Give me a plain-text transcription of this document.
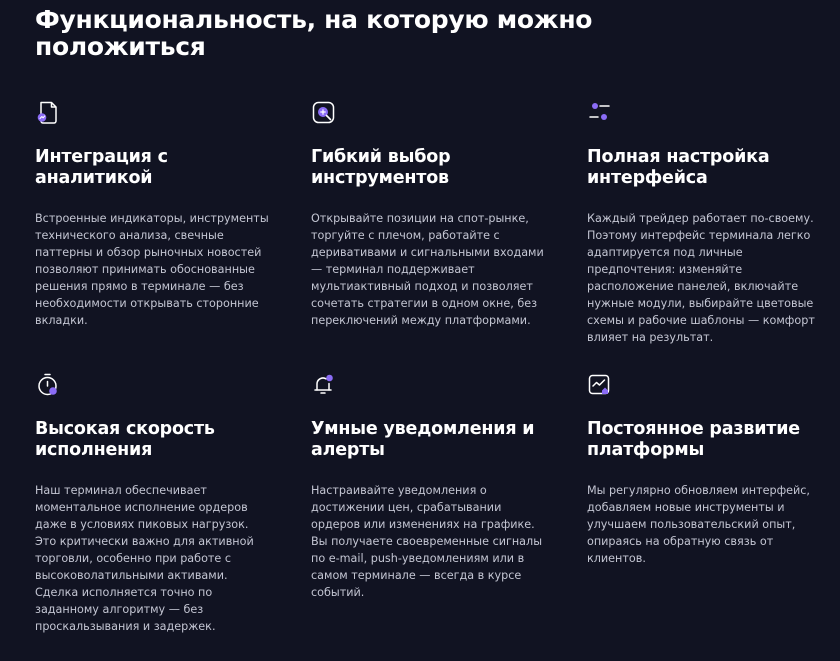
Функциональность, на которую можно положиться
Интеграция с аналитикой

Встроенные индикаторы, инструменты технического анализа, свечные паттерны и обзор рыночных новостей позволяют принимать обоснованные решения прямо в терминале — без необходимости открывать сторонние вкладки.

Гибкий выбор инструментов

Открывайте позиции на спот-рынке, торгуйте с плечом, работайте с деривативами и сигнальными входами — терминал поддерживает мультиактивный подход и позволяет сочетать стратегии в одном окне, без переключений между платформами.

Полная настройка интерфейса

Каждый трейдер работает по-своему. Поэтому интерфейс терминала легко адаптируется под личные предпочтения: изменяйте расположение панелей, включайте нужные модули, выбирайте цветовые схемы и рабочие шаблоны — комфорт влияет на результат.

Высокая скорость исполнения

Наш терминал обеспечивает моментальное исполнение ордеров даже в условиях пиковых нагрузок. Это критически важно для активной торговли, особенно при работе с высоковолатильными активами. Сделка исполняется точно по заданному алгоритму — без проскальзывания и задержек.

Умные уведомления и алерты

Настраивайте уведомления о достижении цен, срабатывании ордеров или изменениях на графике. Вы получаете своевременные сигналы по e-mail, push-уведомлениям или в самом терминале — всегда в курсе событий.

Постоянное развитие платформы

Мы регулярно обновляем интерфейс, добавляем новые инструменты и улучшаем пользовательский опыт, опираясь на обратную связь от клиентов.
